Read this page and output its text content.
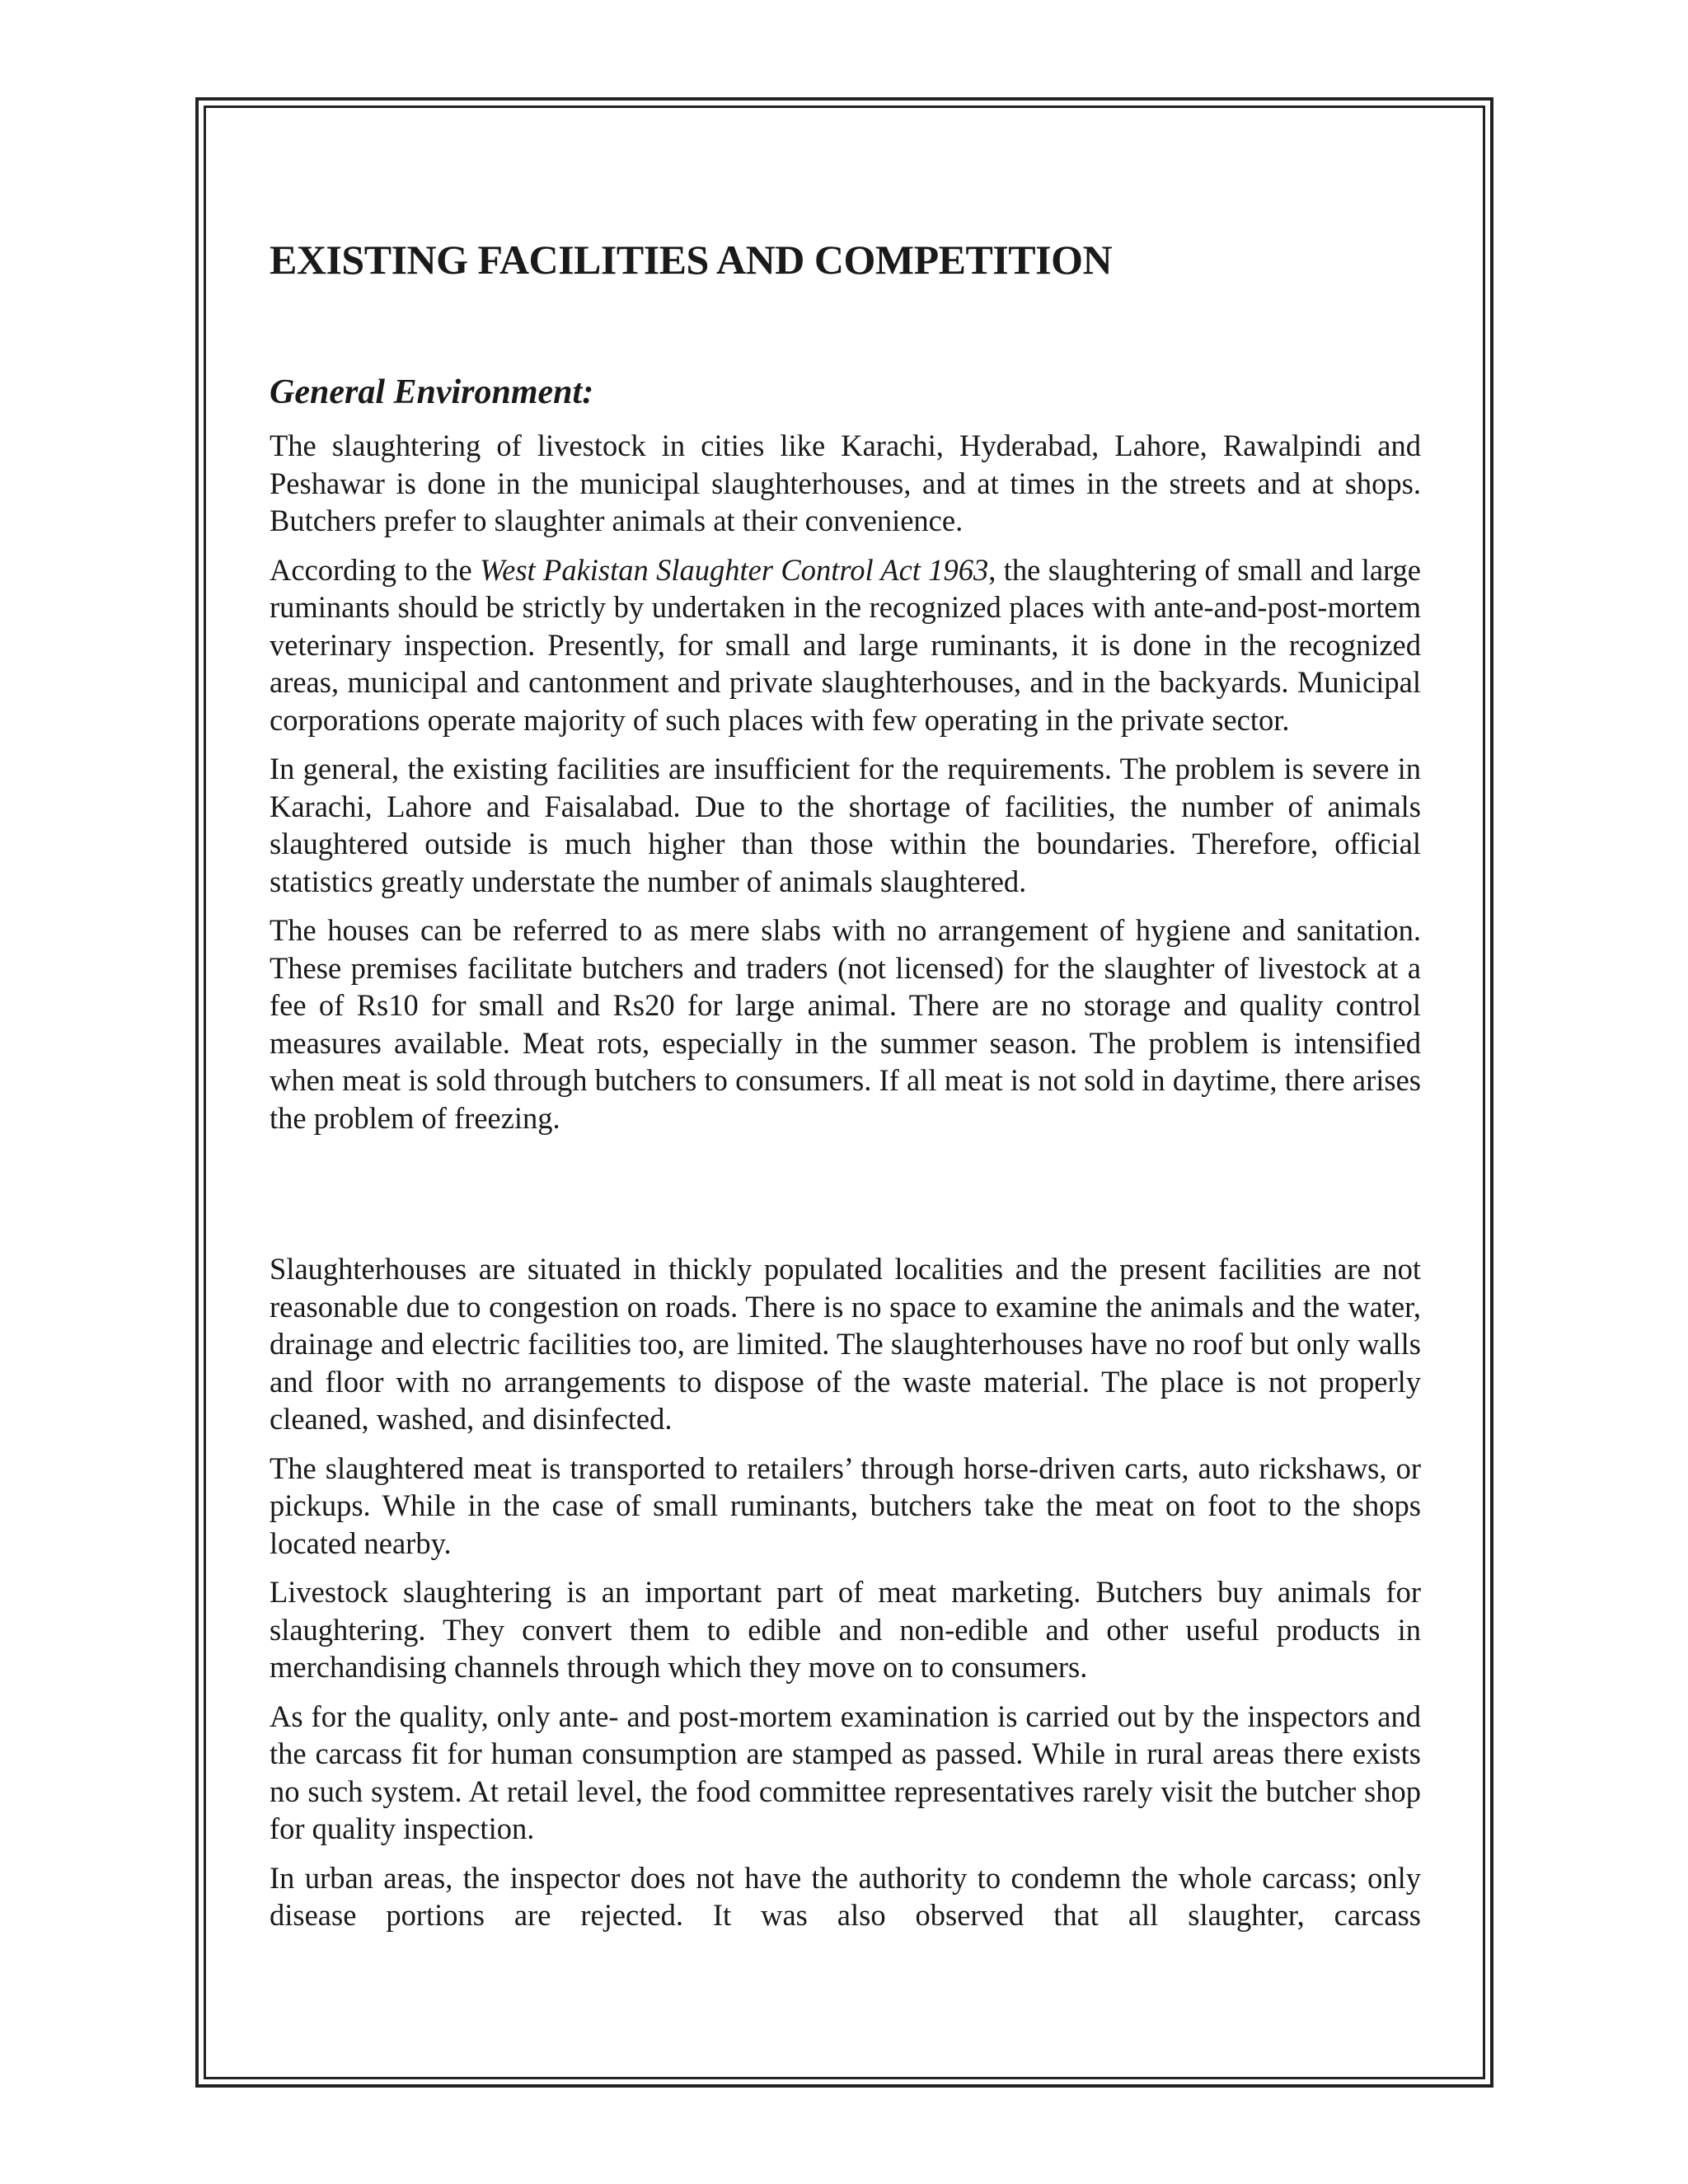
EXISTING FACILITIES AND COMPETITION
General Environment:

The slaughtering of livestock in cities like Karachi, Hyderabad, Lahore, Rawalpindi and Peshawar is done in the municipal slaughterhouses, and at times in the streets and at shops. Butchers prefer to slaughter animals at their convenience.

According to the West Pakistan Slaughter Control Act 1963, the slaughtering of small and large ruminants should be strictly by undertaken in the recognized places with ante-and-post-mortem veterinary inspection. Presently, for small and large ruminants, it is done in the recognized areas, municipal and cantonment and private slaughterhouses, and in the backyards. Municipal corporations operate majority of such places with few operating in the private sector.

In general, the existing facilities are insufficient for the requirements. The problem is severe in Karachi, Lahore and Faisalabad. Due to the shortage of facilities, the number of animals slaughtered outside is much higher than those within the boundaries. Therefore, official statistics greatly understate the number of animals slaughtered.

The houses can be referred to as mere slabs with no arrangement of hygiene and sanitation. These premises facilitate butchers and traders (not licensed) for the slaughter of livestock at a fee of Rs10 for small and Rs20 for large animal. There are no storage and quality control measures available. Meat rots, especially in the summer season. The problem is intensified when meat is sold through butchers to consumers. If all meat is not sold in daytime, there arises the problem of freezing.

Slaughterhouses are situated in thickly populated localities and the present facilities are not reasonable due to congestion on roads. There is no space to examine the animals and the water, drainage and electric facilities too, are limited. The slaughterhouses have no roof but only walls and floor with no arrangements to dispose of the waste material. The place is not properly cleaned, washed, and disinfected.

The slaughtered meat is transported to retailers’ through horse-driven carts, auto rickshaws, or pickups. While in the case of small ruminants, butchers take the meat on foot to the shops located nearby.

Livestock slaughtering is an important part of meat marketing. Butchers buy animals for slaughtering. They convert them to edible and non-edible and other useful products in merchandising channels through which they move on to consumers.

As for the quality, only ante- and post-mortem examination is carried out by the inspectors and the carcass fit for human consumption are stamped as passed. While in rural areas there exists no such system. At retail level, the food committee representatives rarely visit the butcher shop for quality inspection.

In urban areas, the inspector does not have the authority to condemn the whole carcass; only disease portions are rejected. It was also observed that all slaughter, carcass
